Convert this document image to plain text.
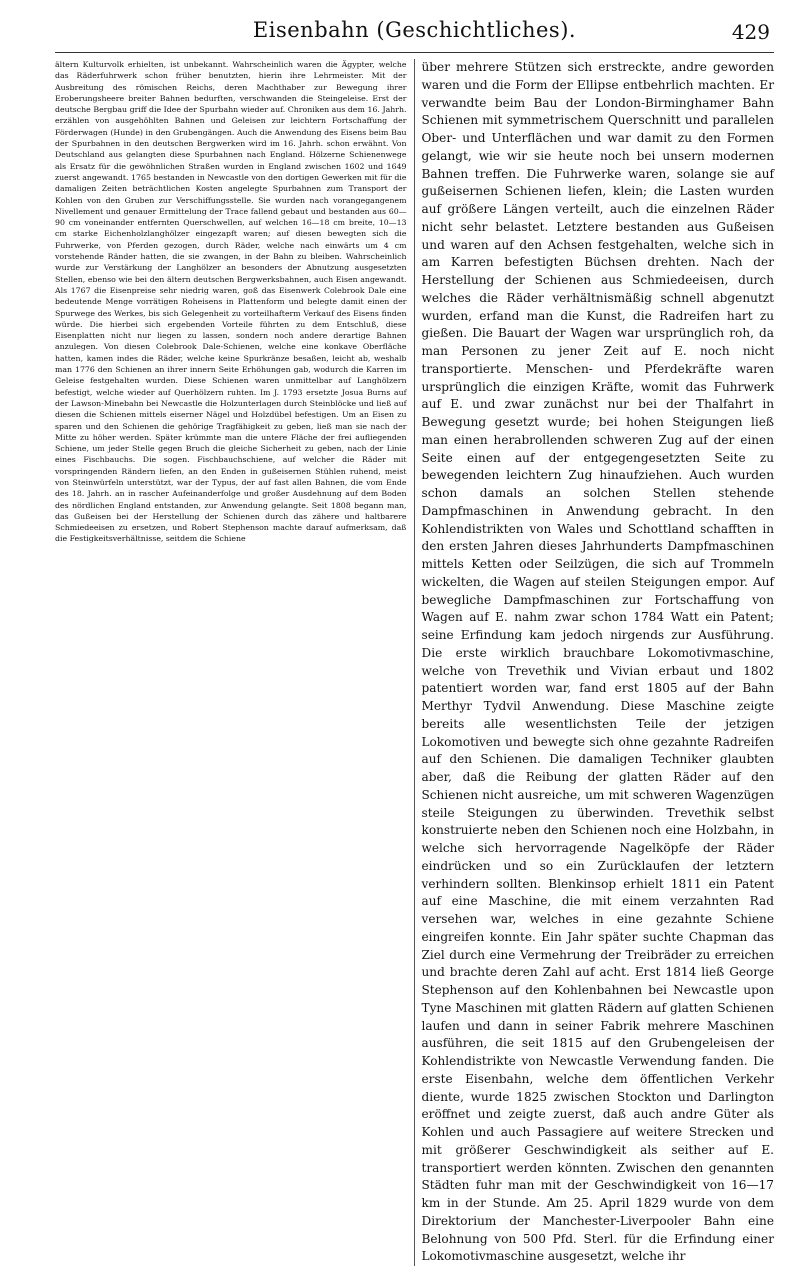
Eisenbahn (Geschichtliches).	429

ältern Kulturvolk erhielten, ist unbekannt. Wahrscheinlich waren die Ägypter, welche das Räderfuhrwerk schon früher benutzten, hierin ihre Lehrmeister. Mit der Ausbreitung des römischen Reichs, deren Machthaber zur Bewegung ihrer Eroberungsheere breiter Bahnen bedurften, verschwanden die Steingeleise. Erst der deutsche Bergbau griff die Idee der Spurbahn wieder auf. Chroniken aus dem 16. Jahrh. erzählen von ausgehöhlten Bahnen und Geleisen zur leichtern Fortschaffung der Förderwagen (Hunde) in den Grubengängen. Auch die Anwendung des Eisens beim Bau der Spurbahnen in den deutschen Bergwerken wird im 16. Jahrh. schon erwähnt. Von Deutschland aus gelangten diese Spurbahnen nach England. Hölzerne Schienenwege als Ersatz für die gewöhnlichen Straßen wurden in England zwischen 1602 und 1649 zuerst angewandt. 1765 bestanden in Newcastle von den dortigen Gewerken mit für die damaligen Zeiten beträchtlichen Kosten angelegte Spurbahnen zum Transport der Kohlen von den Gruben zur Verschiffungsstelle. Sie wurden nach vorangegangenem Nivellement und genauer Ermittelung der Trace fallend gebaut und bestanden aus 60—90 cm voneinander entfernten Querschwellen, auf welchen 16—18 cm breite, 10—13 cm starke Eichenholzlanghölzer eingezapft waren; auf diesen bewegten sich die Fuhrwerke, von Pferden gezogen, durch Räder, welche nach einwärts um 4 cm vorstehende Ränder hatten, die sie zwangen, in der Bahn zu bleiben. Wahrscheinlich wurde zur Verstärkung der Langhölzer an besonders der Abnutzung ausgesetzten Stellen, ebenso wie bei den ältern deutschen Bergwerksbahnen, auch Eisen angewandt. Als 1767 die Eisenpreise sehr niedrig waren, goß das Eisenwerk Colebrook Dale eine bedeutende Menge vorrätigen Roheisens in Plattenform und belegte damit einen der Spurwege des Werkes, bis sich Gelegenheit zu vorteilhafterm Verkauf des Eisens finden würde. Die hierbei sich ergebenden Vorteile führten zu dem Entschluß, diese Eisenplatten nicht nur liegen zu lassen, sondern noch andere derartige Bahnen anzulegen. Von diesen Colebrook Dale-Schienen, welche eine konkave Oberfläche hatten, kamen indes die Räder, welche keine Spurkränze besaßen, leicht ab, weshalb man 1776 den Schienen an ihrer innern Seite Erhöhungen gab, wodurch die Karren im Geleise festgehalten wurden. Diese Schienen waren unmittelbar auf Langhölzern befestigt, welche wieder auf Querhölzern ruhten. Im J. 1793 ersetzte Josua Burns auf der Lawson-Minebahn bei Newcastle die Holzunterlagen durch Steinblöcke und ließ auf diesen die Schienen mittels eiserner Nägel und Holzdübel befestigen. Um an Eisen zu sparen und den Schienen die gehörige Tragfähigkeit zu geben, ließ man sie nach der Mitte zu höher werden. Später krümmte man die untere Fläche der frei aufliegenden Schiene, um jeder Stelle gegen Bruch die gleiche Sicherheit zu geben, nach der Linie eines Fischbauchs. Die sogen. Fischbauchschiene, auf welcher die Räder mit vorspringenden Rändern liefen, an den Enden in gußeisernen Stühlen ruhend, meist von Steinwürfeln unterstützt, war der Typus, der auf fast allen Bahnen, die vom Ende des 18. Jahrh. an in rascher Aufeinanderfolge und großer Ausdehnung auf dem Boden des nördlichen England entstanden, zur Anwendung gelangte. Seit 1808 begann man, das Gußeisen bei der Herstellung der Schienen durch das zähere und haltbarere Schmiedeeisen zu ersetzen, und Robert Stephenson machte darauf aufmerksam, daß die Festigkeitsverhältnisse, seitdem die Schiene

über mehrere Stützen sich erstreckte, andre geworden waren und die Form der Ellipse entbehrlich machten. Er verwandte beim Bau der London-Birminghamer Bahn Schienen mit symmetrischem Querschnitt und parallelen Ober- und Unterflächen und war damit zu den Formen gelangt, wie wir sie heute noch bei unsern modernen Bahnen treffen. Die Fuhrwerke waren, solange sie auf gußeisernen Schienen liefen, klein; die Lasten wurden auf größere Längen verteilt, auch die einzelnen Räder nicht sehr belastet. Letztere bestanden aus Gußeisen und waren auf den Achsen festgehalten, welche sich in am Karren befestigten Büchsen drehten. Nach der Herstellung der Schienen aus Schmiedeeisen, durch welches die Räder verhältnismäßig schnell abgenutzt wurden, erfand man die Kunst, die Radreifen hart zu gießen. Die Bauart der Wagen war ursprünglich roh, da man Personen zu jener Zeit auf E. noch nicht transportierte. Menschen- und Pferdekräfte waren ursprünglich die einzigen Kräfte, womit das Fuhrwerk auf E. und zwar zunächst nur bei der Thalfahrt in Bewegung gesetzt wurde; bei hohen Steigungen ließ man einen herabrollenden schweren Zug auf der einen Seite einen auf der entgegengesetzten Seite zu bewegenden leichtern Zug hinaufziehen. Auch wurden schon damals an solchen Stellen stehende Dampfmaschinen in Anwendung gebracht. In den Kohlendistrikten von Wales und Schottland schafften in den ersten Jahren dieses Jahrhunderts Dampfmaschinen mittels Ketten oder Seilzügen, die sich auf Trommeln wickelten, die Wagen auf steilen Steigungen empor. Auf bewegliche Dampfmaschinen zur Fortschaffung von Wagen auf E. nahm zwar schon 1784 Watt ein Patent; seine Erfindung kam jedoch nirgends zur Ausführung. Die erste wirklich brauchbare Lokomotivmaschine, welche von Trevethik und Vivian erbaut und 1802 patentiert worden war, fand erst 1805 auf der Bahn Merthyr Tydvil Anwendung. Diese Maschine zeigte bereits alle wesentlichsten Teile der jetzigen Lokomotiven und bewegte sich ohne gezahnte Radreifen auf den Schienen. Die damaligen Techniker glaubten aber, daß die Reibung der glatten Räder auf den Schienen nicht ausreiche, um mit schweren Wagenzügen steile Steigungen zu überwinden. Trevethik selbst konstruierte neben den Schienen noch eine Holzbahn, in welche sich hervorragende Nagelköpfe der Räder eindrücken und so ein Zurücklaufen der letztern verhindern sollten. Blenkinsop erhielt 1811 ein Patent auf eine Maschine, die mit einem verzahnten Rad versehen war, welches in eine gezahnte Schiene eingreifen konnte. Ein Jahr später suchte Chapman das Ziel durch eine Vermehrung der Treibräder zu erreichen und brachte deren Zahl auf acht. Erst 1814 ließ George Stephenson auf den Kohlenbahnen bei Newcastle upon Tyne Maschinen mit glatten Rädern auf glatten Schienen laufen und dann in seiner Fabrik mehrere Maschinen ausführen, die seit 1815 auf den Grubengeleisen der Kohlendistrikte von Newcastle Verwendung fanden. Die erste Eisenbahn, welche dem öffentlichen Verkehr diente, wurde 1825 zwischen Stockton und Darlington eröffnet und zeigte zuerst, daß auch andre Güter als Kohlen und auch Passagiere auf weitere Strecken und mit größerer Geschwindigkeit als seither auf E. transportiert werden könnten. Zwischen den genannten Städten fuhr man mit der Geschwindigkeit von 16—17 km in der Stunde. Am 25. April 1829 wurde von dem Direktorium der Manchester-Liverpooler Bahn eine Belohnung von 500 Pfd. Sterl. für die Erfindung einer Lokomotivmaschine ausgesetzt, welche ihr
